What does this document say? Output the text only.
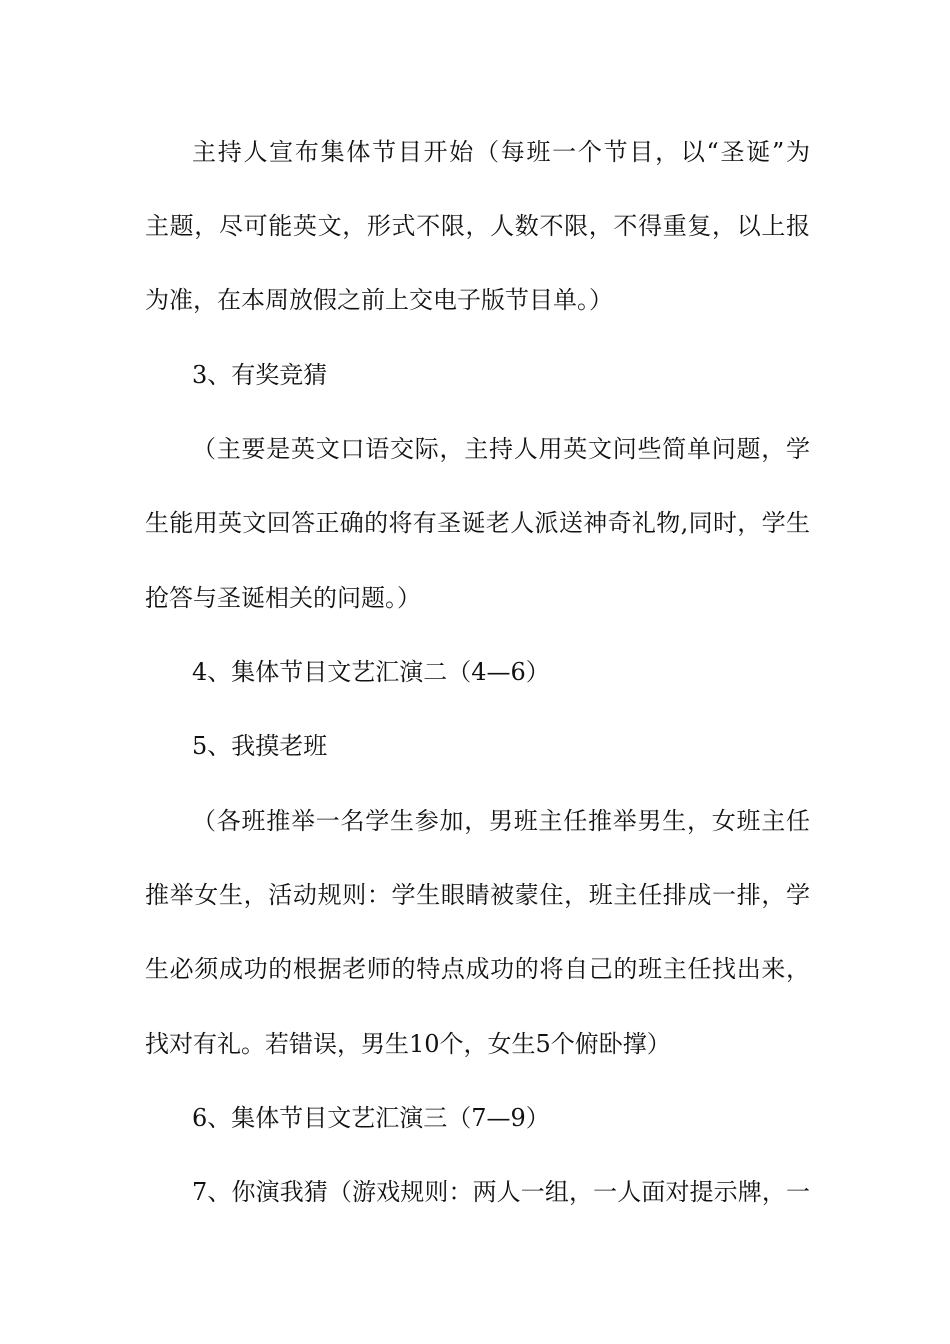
主持人宣布集体节目开始（每班一个节目，以“圣诞”为
主题，尽可能英文，形式不限，人数不限，不得重复，以上报
为准，在本周放假之前上交电子版节目单。）
3、有奖竞猜
（主要是英文口语交际，主持人用英文问些简单问题，学
生能用英文回答正确的将有圣诞老人派送神奇礼物,同时，学生
抢答与圣诞相关的问题。）
4、集体节目文艺汇演二（4—6）
5、我摸老班
（各班推举一名学生参加，男班主任推举男生，女班主任
推举女生，活动规则：学生眼睛被蒙住，班主任排成一排，学
生必须成功的根据老师的特点成功的将自己的班主任找出来，
找对有礼。若错误，男生10个，女生5个俯卧撑）
6、集体节目文艺汇演三（7—9）
7、你演我猜（游戏规则：两人一组，一人面对提示牌，一
